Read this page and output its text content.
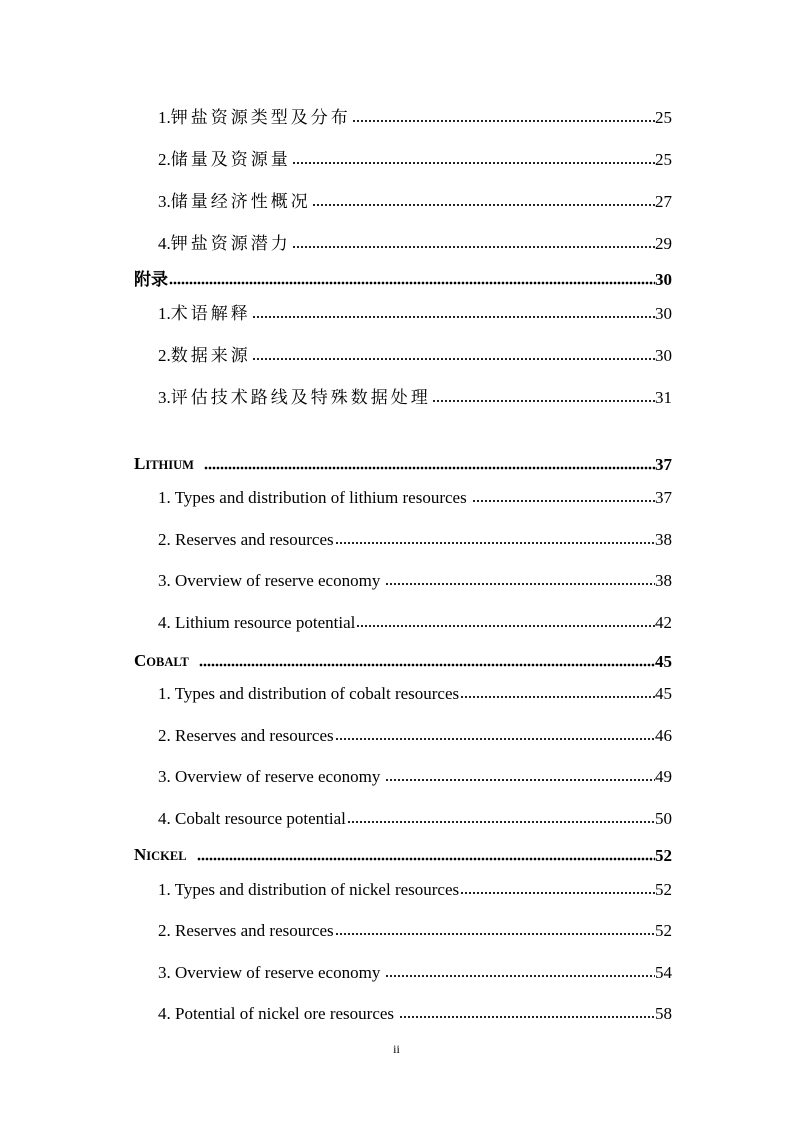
1. 钾盐资源类型及分布	25
2. 储量及资源量	25
3. 储量经济性概况	27
4. 钾盐资源潜力	29
附录	30
1. 术语解释	30
2. 数据来源	30
3. 评估技术路线及特殊数据处理	31
LITHIUM	37
1. Types and distribution of lithium resources	37
2. Reserves and resources	38
3. Overview of reserve economy	38
4. Lithium resource potential	42
COBALT	45
1. Types and distribution of cobalt resources	45
2. Reserves and resources	46
3. Overview of reserve economy	49
4. Cobalt resource potential	50
NICKEL	52
1. Types and distribution of nickel resources	52
2. Reserves and resources	52
3. Overview of reserve economy	54
4. Potential of nickel ore resources	58
ii
